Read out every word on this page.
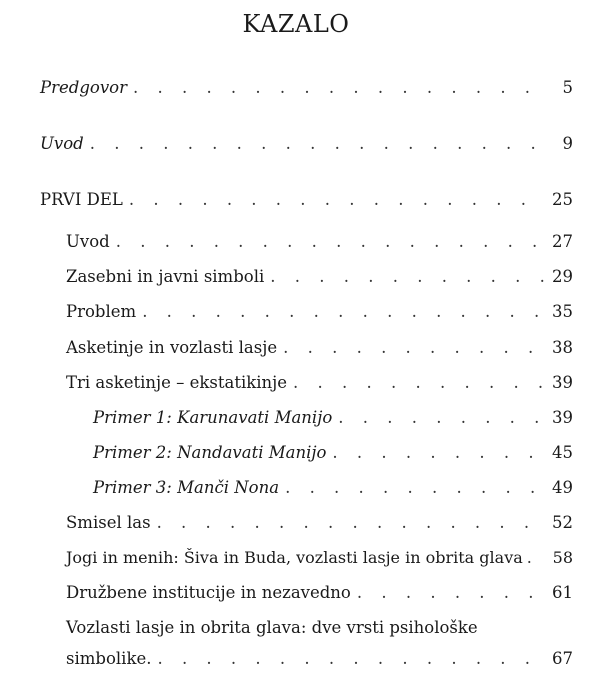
KAZALO
Predgovor . . .	5
Uvod . . .	9
PRVI DEL . . .	25
Uvod . . .	27
Zasebni in javni simboli . . .	29
Problem . . .	35
Asketinje in vozlasti lasje . . .	38
Tri asketinje – ekstatikinje . . .	39
Primer 1: Karunavati Maniјo . . .	39
Primer 2: Nandavati Manijo . . .	45
Primer 3: Manči Nona . . .	49
Smisel las . . .	52
Jogi in menih: Šiva in Buda, vozlasti lasje in obrita glava . . . 58
Družbene institucije in nezavedno . . .	61
Vozlasti lasje in obrita glava: dve vrsti psihološke
simbolike. . . .	67
